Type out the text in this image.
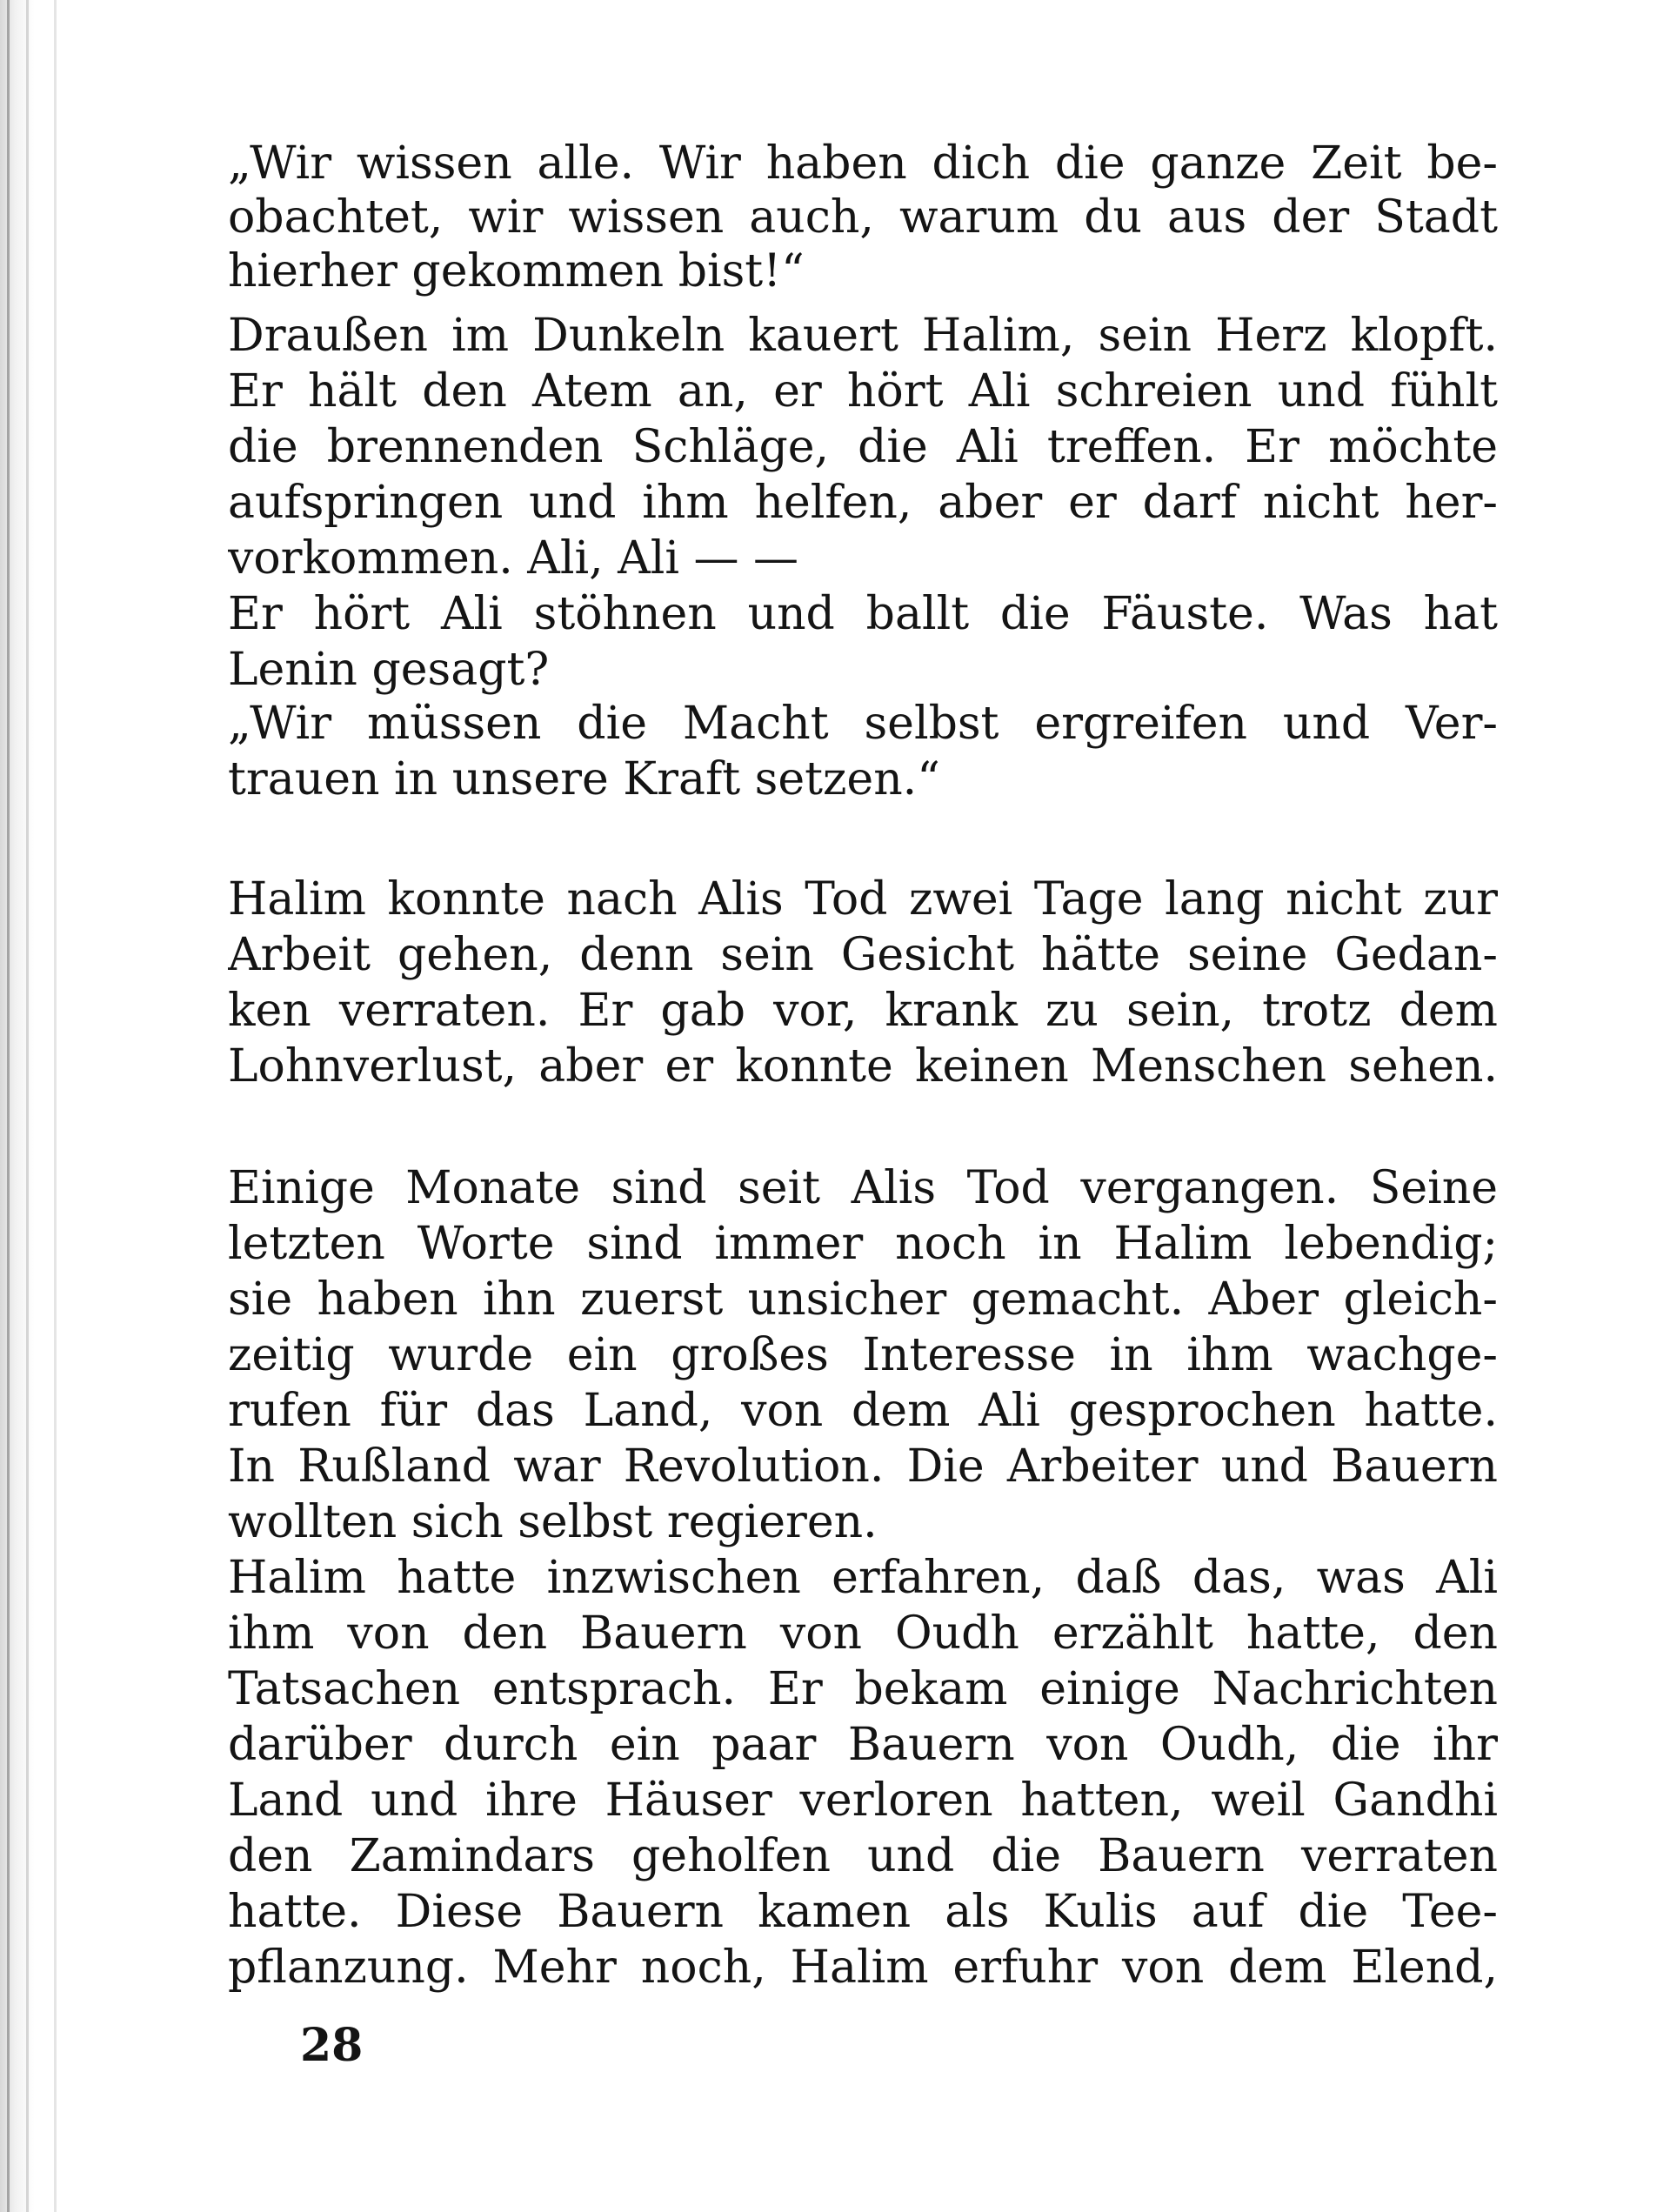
„Wir wissen alle. Wir haben dich die ganze Zeit be-
obachtet, wir wissen auch, warum du aus der Stadt
hierher gekommen bist!“
Draußen im Dunkeln kauert Halim, sein Herz klopft.
Er hält den Atem an, er hört Ali schreien und fühlt
die brennenden Schläge, die Ali treffen. Er möchte
aufspringen und ihm helfen, aber er darf nicht her-
vorkommen. Ali, Ali — —
Er hört Ali stöhnen und ballt die Fäuste. Was hat
Lenin gesagt?
„Wir müssen die Macht selbst ergreifen und Ver-
trauen in unsere Kraft setzen.“
Halim konnte nach Alis Tod zwei Tage lang nicht zur
Arbeit gehen, denn sein Gesicht hätte seine Gedan-
ken verraten. Er gab vor, krank zu sein, trotz dem
Lohnverlust, aber er konnte keinen Menschen sehen.
Einige Monate sind seit Alis Tod vergangen. Seine
letzten Worte sind immer noch in Halim lebendig;
sie haben ihn zuerst unsicher gemacht. Aber gleich-
zeitig wurde ein großes Interesse in ihm wachge-
rufen für das Land, von dem Ali gesprochen hatte.
In Rußland war Revolution. Die Arbeiter und Bauern
wollten sich selbst regieren.
Halim hatte inzwischen erfahren, daß das, was Ali
ihm von den Bauern von Oudh erzählt hatte, den
Tatsachen entsprach. Er bekam einige Nachrichten
darüber durch ein paar Bauern von Oudh, die ihr
Land und ihre Häuser verloren hatten, weil Gandhi
den Zamindars geholfen und die Bauern verraten
hatte. Diese Bauern kamen als Kulis auf die Tee-
pflanzung. Mehr noch, Halim erfuhr von dem Elend,
28
